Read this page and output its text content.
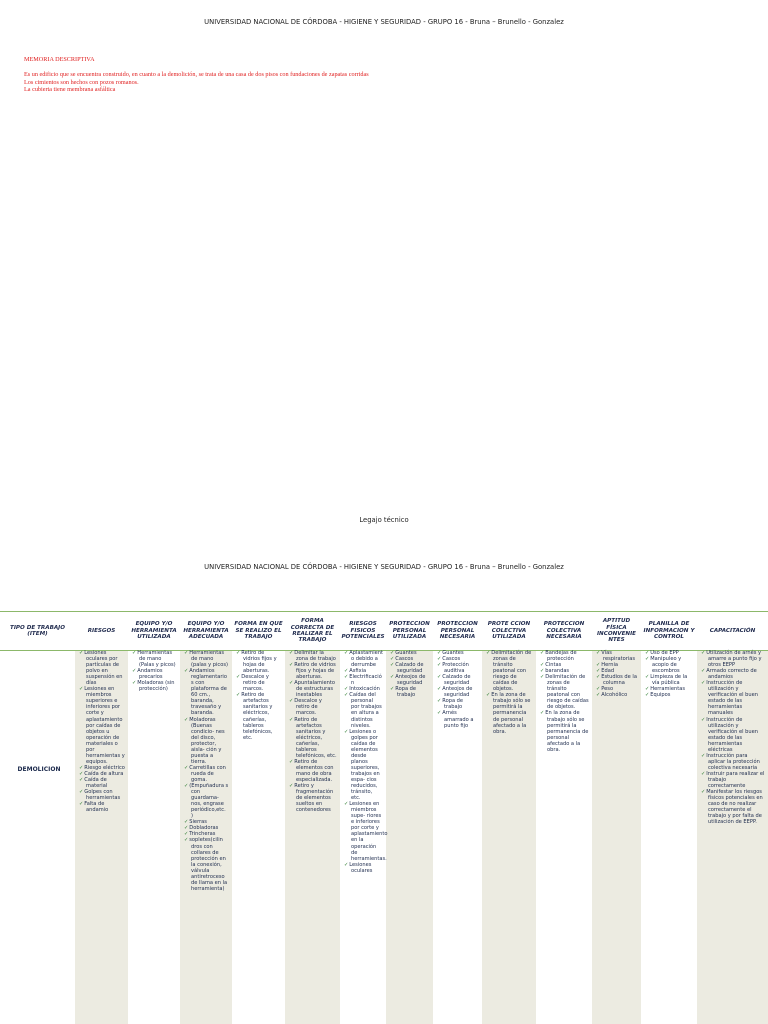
UNIVERSIDAD NACIONAL DE CÓRDOBA - HIGIENE Y SEGURIDAD - GRUPO 16 - Bruna – Brunello - Gonzalez
MEMORIA DESCRIPTIVA
Es un edificio que se encuentra construido, en cuanto a la demolición, se trata de una casa de dos pisos con fundaciones de zapatas corridas
Los cimientos son hechos con pozos romanos.
La cubierta tiene membrana asfáltica
Legajo técnico
UNIVERSIDAD NACIONAL DE CÓRDOBA - HIGIENE Y SEGURIDAD - GRUPO 16 - Bruna – Brunello - Gonzalez
TIPO DE TRABAJO (ITEM)
RIESGOS
EQUIPO Y/O HERRAMIENTA UTILIZADA
EQUIPO Y/O HERRAMIENTA ADECUADA
FORMA EN QUE SE REALIZO EL TRABAJO
FORMA CORRECTA DE REALIZAR EL TRABAJO
RIESGOS FISICOS POTENCIALES
PROTECCION PERSONAL UTILIZADA
PROTECCION PERSONAL NECESARIA
PROTE CCION COLECTIVA UTILIZADA
PROTECCION COLECTIVA NECESARIA
APTITUD FÍSICA INCONVENIE NTES
PLANILLA DE INFORMACION Y CONTROL
CAPACITACIÓN
✓Lesiones oculares por partículas de polvo en suspensión en días
✓Lesiones en miembros superiores e inferiores por corte y aplastamiento por caídas de objetos u operación de materiales o por herramientas y equipos.
✓Riesgo eléctrico
✓Caída de altura
✓Caída de material
✓Golpes con herramientas
✓Falta de andamio
✓Herramientas de mano (Palas y picos)
✓Andamios precarios
✓Moladoras (sin protección)
✓Herramientas de mano (palas y picos)
✓Andamios reglamentario s con plataforma de 60 cm., baranda, travesaño y baranda.
✓Moladoras (Buenas condicio- nes del disco, protector, aisla- ción y puesta a tierra.
✓Carretillas con rueda de goma.
✓(Empuñadura s con guardama- nos, engrase periódico,etc. )
✓Sierras
✓Dobladoras
✓Trincheras
✓sopletes(cilin dros con collares de protección en la conexión, válvula antiretroceso de llama en la herramienta)
✓Retiro de vidrios fijos y hojas de aberturas.
✓Descalce y retiro de marcos.
✓Retiro de artefactos sanitarios y eléctricos, cañerías, tableros telefónicos, etc.
✓Delimitar la zona de trabajo
✓Retiro de vidrios fijos y hojas de aberturas.
✓Apuntalamiento de estructuras inestables
✓Descalce y retiro de marcos.
✓Retiro de artefactos sanitarios y eléctricos, cañerías, tableros telefónicos, etc.
✓Retiro de elementos con mano de obra especializada.
✓Retiro y fragmentación de elementos sueltos en contenedores
✓Aplastamient o debido a derrumbe
✓Asfixia
✓Electrificació n
✓Intoxicación
✓Caídas del personal por trabajos en altura a distintos niveles.
✓Lesiones o golpes por caídas de elementos desde planos superiores, trabajos en espa- cios reducidos, tránsito, etc.
✓Lesiones en miembros supe- riores e inferiores por corte y aplastamiento en la operación de herramientas.
✓Lesiones oculares
✓Guantes
✓Cascos
✓Calzado de seguridad
✓Anteojos de seguridad
✓Ropa de trabajo
✓Guantes
✓Cascos
✓Protección auditiva
✓Calzado de seguridad
✓Anteojos de seguridad
✓Ropa de trabajo
✓Arnés amarrado a punto fijo
✓Delimitación de zonas de tránsito peatonal con riesgo de caídas de objetos.
✓En la zona de trabajo sólo se permitirá la permanencia de personal afectado a la obra.
✓Bandejas de protección
✓Cintas
✓barandas
✓Delimitación de zonas de tránsito peatonal con riesgo de caídas de objetos.
✓En la zona de trabajo sólo se permitirá la permanencia de personal afectado a la obra.
✓Vías respiratorias
✓Hernia
✓Edad
✓Estudios de la columna
✓Peso
✓Alcohólico
✓Uso de EPP
✓Manipuleo y acopio de escombros
✓Limpieza de la vía pública
✓Herramientas
✓Equipos
✓Utilización de arnés y amarre a punto fijo y otros EEPP
✓Armado correcto de andamios
✓Instrucción de utilización y verificación el buen estado de las herramientas manuales
✓Instrucción de utilización y verificación el buen estado de las herramientas eléctricas
✓Instrucción para aplicar la protección colectiva necesaria
✓Instruir para realizar el trabajo correctamente
✓Manifestar los riesgos físicos potenciales en caso de no realizar correctamente el trabajo y por falta de utilización de EEPP.
DEMOLICION
